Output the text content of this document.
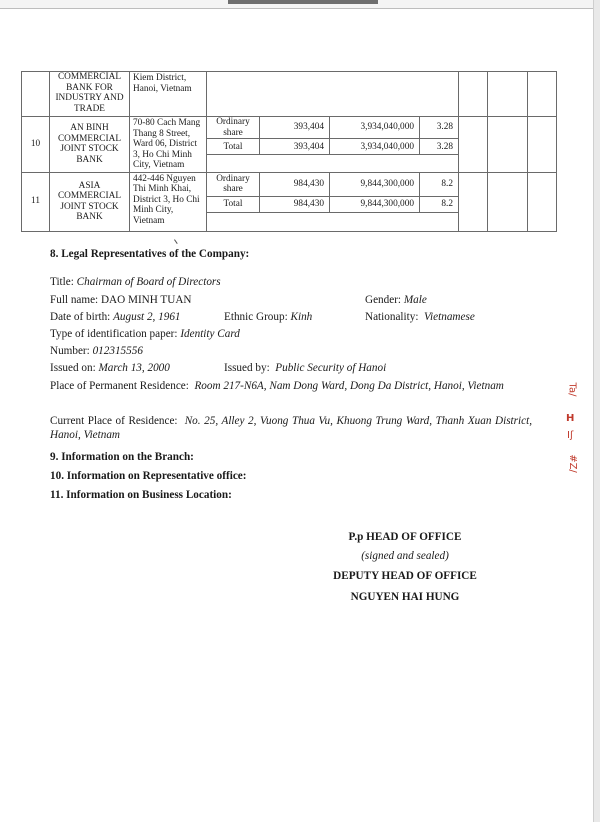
	COMMERCIAL BANK FOR INDUSTRY AND TRADE	Kiem District, Hanoi, Vietnam							
10	AN BINH COMMERCIAL JOINT STOCK BANK	70-80 Cach Mang Thang 8 Street, Ward 06, District 3, Ho Chi Minh City, Vietnam	Ordinary share	393,404	3,934,040,000	3.28			
			Total	393,404	3,934,040,000	3.28			

11	ASIA COMMERCIAL JOINT STOCK BANK	442-446 Nguyen Thi Minh Khai, District 3, Ho Chi Minh City, Vietnam	Ordinary share	984,430	9,844,300,000	8.2			
			Total	984,430	9,844,300,000	8.2			

8. Legal Representatives of the Company:
Title: Chairman of Board of Directors
Full name: DAO MINH TUAN	Gender: Male
Date of birth: August 2, 1961	Ethnic Group: Kinh	Nationality: Vietnamese
Type of identification paper: Identity Card
Number: 012315556
Issued on: March 13, 2000	Issued by: Public Security of Hanoi
Place of Permanent Residence: Room 217-N6A, Nam Dong Ward, Dong Da District, Hanoi, Vietnam
Current Place of Residence: No. 25, Alley 2, Vuong Thua Vu, Khuong Trung Ward, Thanh Xuan District, Hanoi, Vietnam
9. Information on the Branch:
10. Information on Representative office:
11. Information on Business Location:
P.p HEAD OF OFFICE
(signed and sealed)
DEPUTY HEAD OF OFFICE
NGUYEN HAI HUNG
Ta/
H
Iʃ
#Z/
